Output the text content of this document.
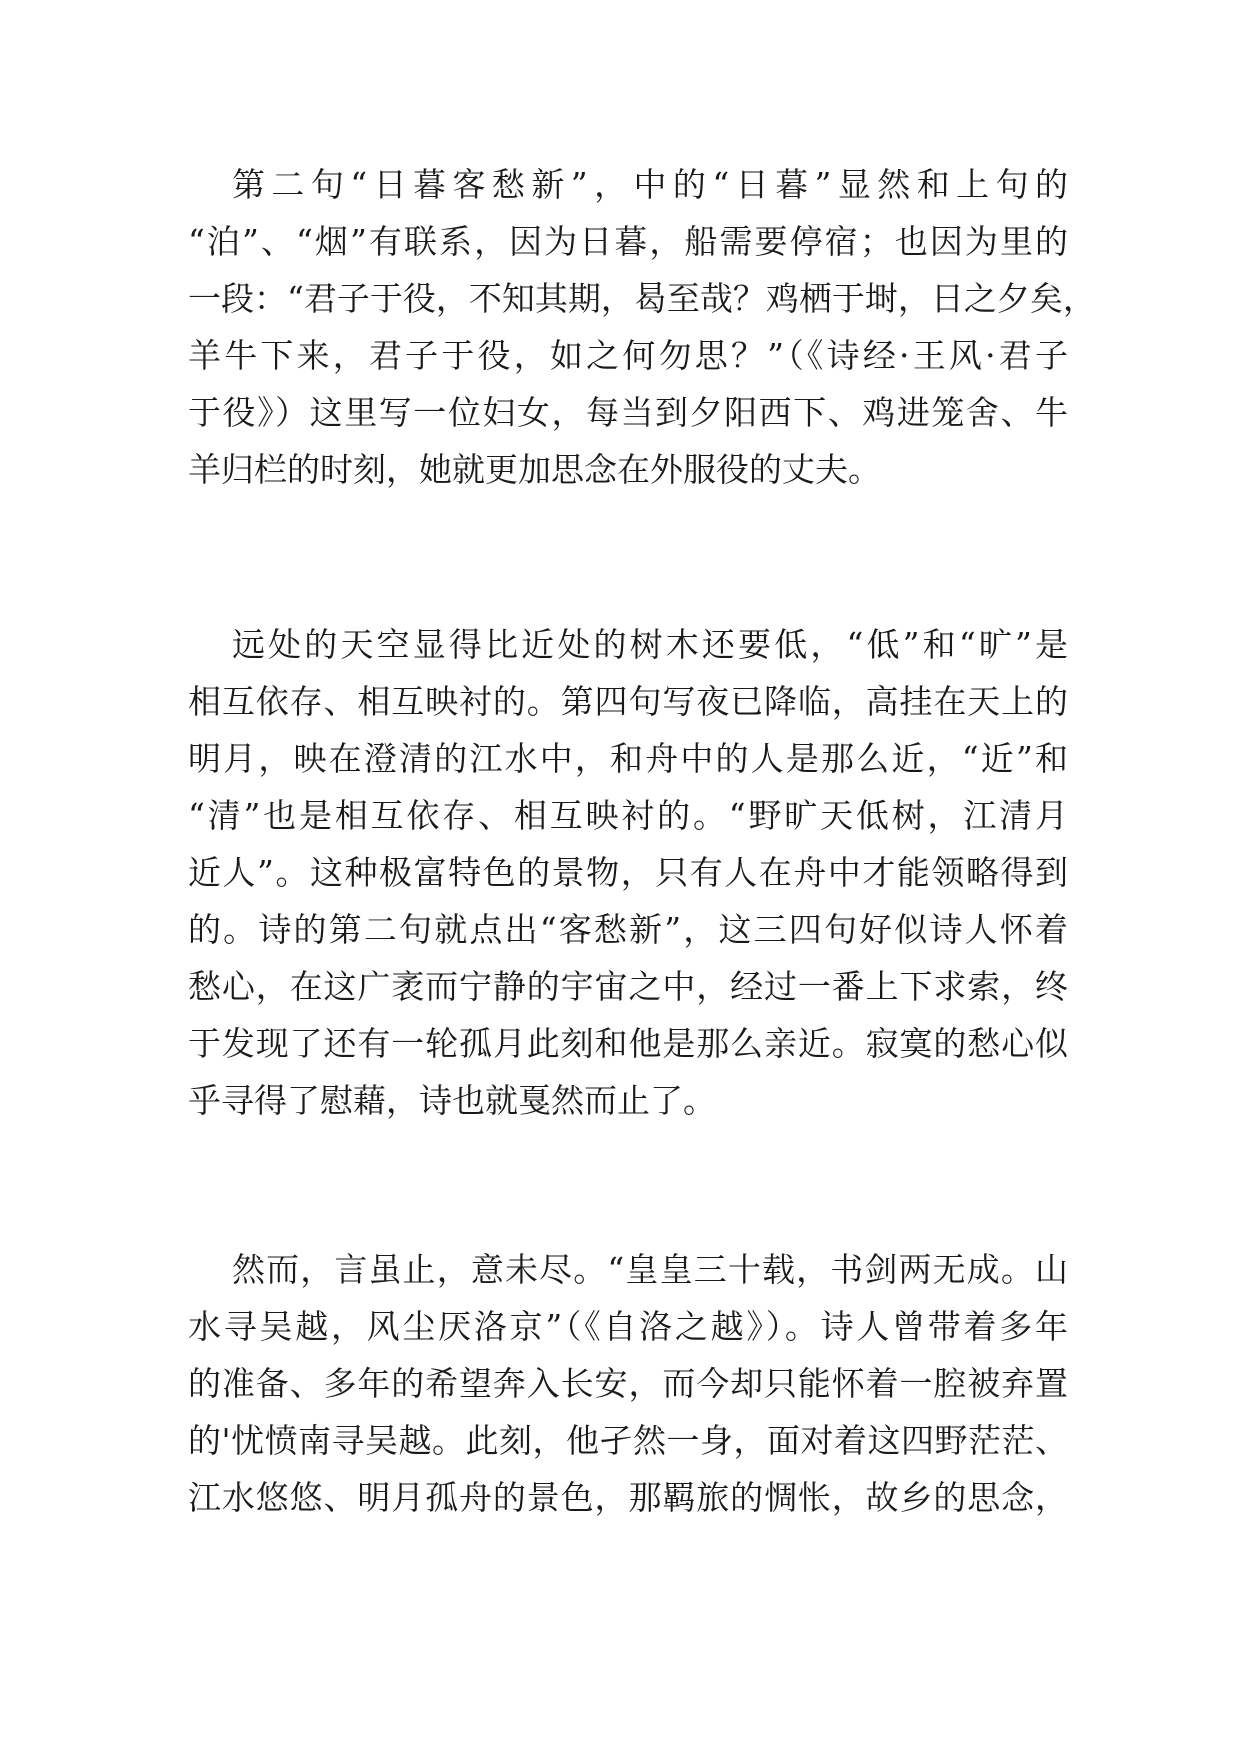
第二句“日暮客愁新”，中的“日暮”显然和上句的
“泊”、“烟”有联系，因为日暮，船需要停宿；也因为里的
一段：“君子于役，不知其期，曷至哉？鸡栖于埘，日之夕矣，
羊牛下来，君子于役，如之何勿思？”（《诗经·王风·君子
于役》）这里写一位妇女，每当到夕阳西下、鸡进笼舍、牛
羊归栏的时刻，她就更加思念在外服役的丈夫。
远处的天空显得比近处的树木还要低，“低”和“旷”是
相互依存、相互映衬的。第四句写夜已降临，高挂在天上的
明月，映在澄清的江水中，和舟中的人是那么近，“近”和
“清”也是相互依存、相互映衬的。“野旷天低树，江清月
近人”。这种极富特色的景物，只有人在舟中才能领略得到
的。诗的第二句就点出“客愁新”，这三四句好似诗人怀着
愁心，在这广袤而宁静的宇宙之中，经过一番上下求索，终
于发现了还有一轮孤月此刻和他是那么亲近。寂寞的愁心似
乎寻得了慰藉，诗也就戛然而止了。
然而，言虽止，意未尽。“皇皇三十载，书剑两无成。山
水寻吴越，风尘厌洛京”（《自洛之越》）。诗人曾带着多年
的准备、多年的希望奔入长安，而今却只能怀着一腔被弃置
的'忧愤南寻吴越。此刻，他孑然一身，面对着这四野茫茫、
江水悠悠、明月孤舟的景色，那羁旅的惆怅，故乡的思念，
